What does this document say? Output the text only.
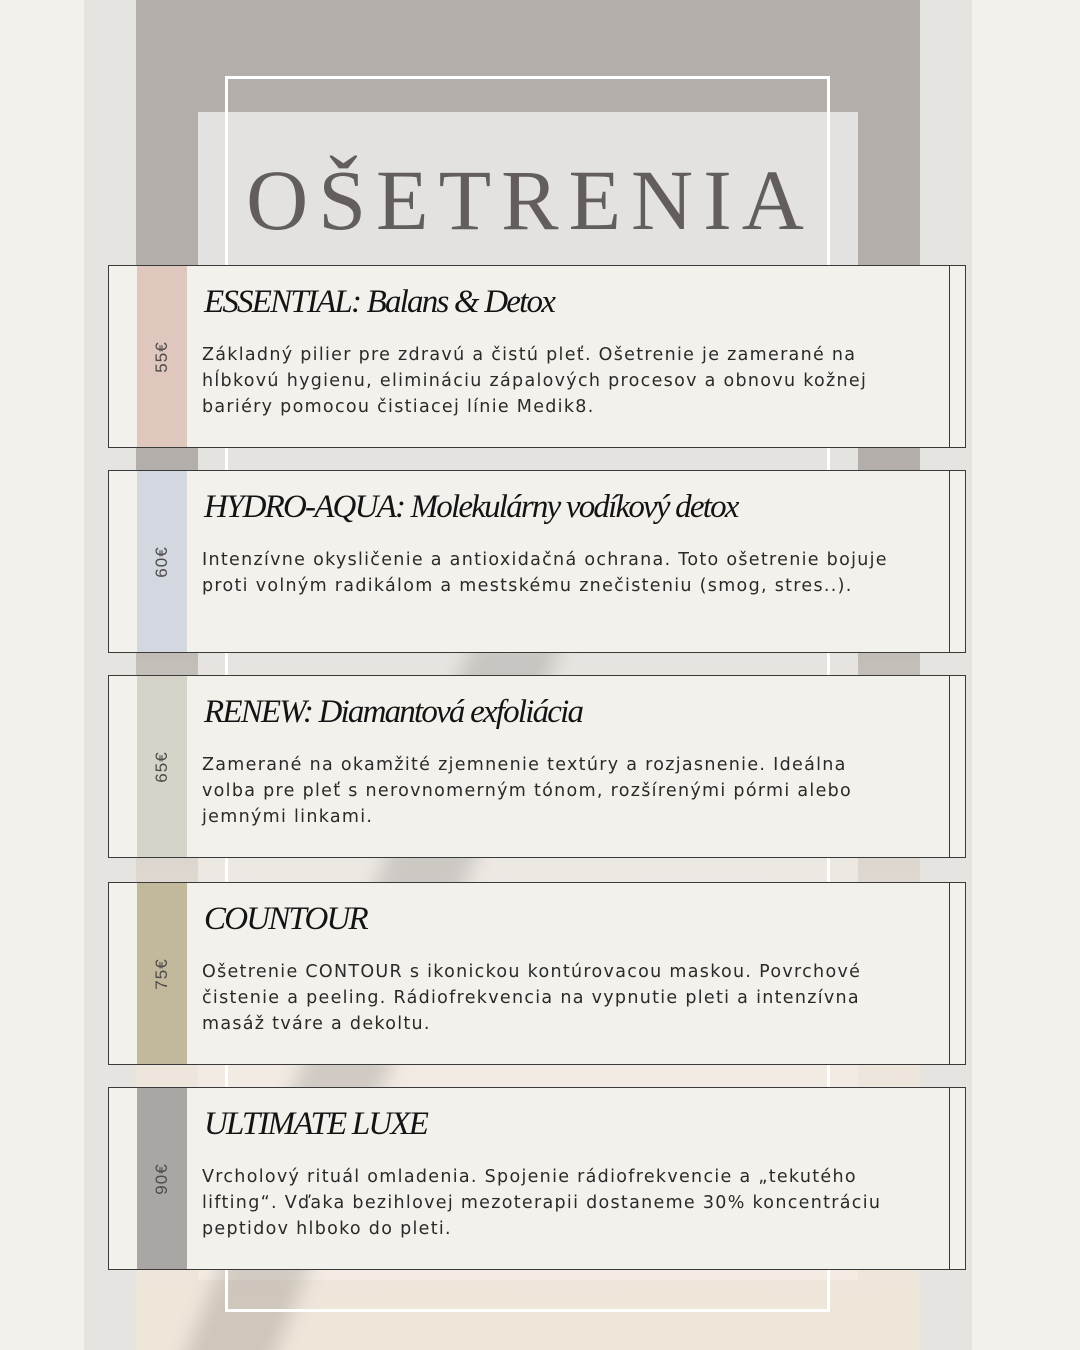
OŠETRENIA
55€
ESSENTIAL: Balans & Detox
Základný pilier pre zdravú a čistú pleť. Ošetrenie je zamerané na hĺbkovú hygienu, elimináciu zápalových procesov a obnovu kožnej bariéry pomocou čistiacej línie Medik8.
60€
HYDRO-AQUA: Molekulárny vodíkový detox
Intenzívne okysličenie a antioxidačná ochrana. Toto ošetrenie bojuje proti volným radikálom a mestskému znečisteniu (smog, stres..).
65€
RENEW: Diamantová exfoliácia
Zamerané na okamžité zjemnenie textúry a rozjasnenie. Ideálna volba pre pleť s nerovnomerným tónom, rozšírenými pórmi alebo jemnými linkami.
75€
COUNTOUR
Ošetrenie CONTOUR s ikonickou kontúrovacou maskou. Povrchové čistenie a peeling. Rádiofrekvencia na vypnutie pleti a intenzívna masáž tváre a dekoltu.
90€
ULTIMATE LUXE
Vrcholový rituál omladenia. Spojenie rádiofrekvencie a „tekutého lifting“. Vďaka bezihlovej mezoterapii dostaneme 30% koncentráciu peptidov hlboko do pleti.
